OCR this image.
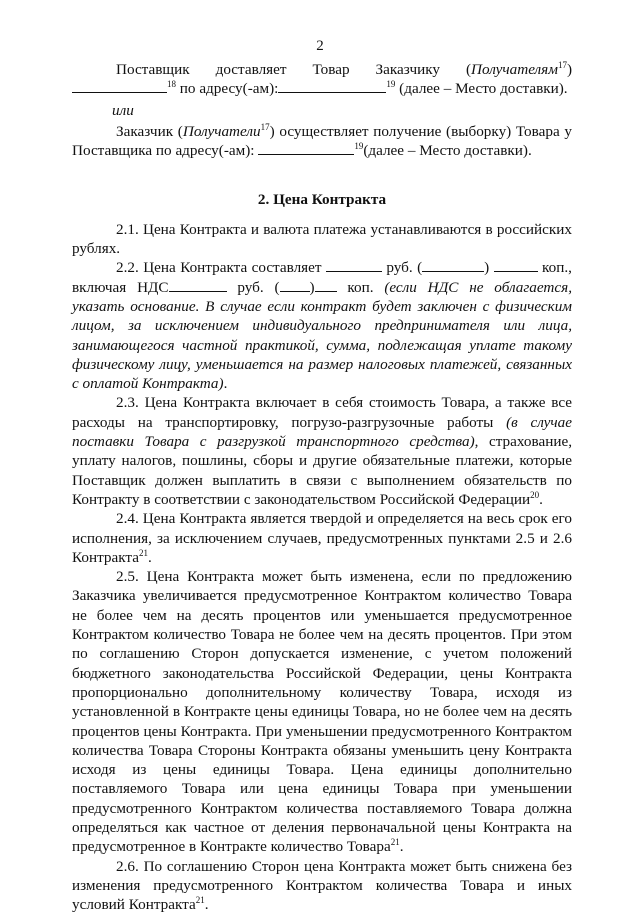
2

Поставщик доставляет Товар Заказчику (Получателям$^{17}$) $^{18}$ по адресу(-ам):	$^{19}$ (далее – Место доставки).

или

Заказчик (Получатели$^{17}$) осуществляет получение (выборку) Товара у Поставщика по адресу(-ам):	$^{19}$(далее – Место доставки).

2. Цена Контракта

2.1. Цена Контракта и валюта платежа устанавливаются в российских рублях.

2.2. Цена Контракта составляет	руб. (	)	коп., включая НДС	руб. ( ) коп. (если НДС не облагается, указать основание. В случае если контракт будет заключен с физическим лицом, за исключением индивидуального предпринимателя или лица, занимающегося частной практикой, сумма, подлежащая уплате такому физическому лицу, уменьшается на размер налоговых платежей, связанных с оплатой Контракта).

2.3. Цена Контракта включает в себя стоимость Товара, а также все расходы на транспортировку, погрузо-разгрузочные работы (в случае поставки Товара с разгрузкой транспортного средства), страхование, уплату налогов, пошлины, сборы и другие обязательные платежи, которые Поставщик должен выплатить в связи с выполнением обязательств по Контракту в соответствии с законодательством Российской Федерации$^{20}$.

2.4. Цена Контракта является твердой и определяется на весь срок его исполнения, за исключением случаев, предусмотренных пунктами 2.5 и 2.6 Контракта$^{21}$.

2.5. Цена Контракта может быть изменена, если по предложению Заказчика увеличивается предусмотренное Контрактом количество Товара не более чем на десять процентов или уменьшается предусмотренное Контрактом количество Товара не более чем на десять процентов. При этом по соглашению Сторон допускается изменение, с учетом положений бюджетного законодательства Российской Федерации, цены Контракта пропорционально дополнительному количеству Товара, исходя из установленной в Контракте цены единицы Товара, но не более чем на десять процентов цены Контракта. При уменьшении предусмотренного Контрактом количества Товара Стороны Контракта обязаны уменьшить цену Контракта исходя из цены единицы Товара. Цена единицы дополнительно поставляемого Товара или цена единицы Товара при уменьшении предусмотренного Контрактом количества поставляемого Товара должна определяться как частное от деления первоначальной цены Контракта на предусмотренное в Контракте количество Товара$^{21}$.

2.6. По соглашению Сторон цена Контракта может быть снижена без изменения предусмотренного Контрактом количества Товара и иных условий Контракта$^{21}$.
